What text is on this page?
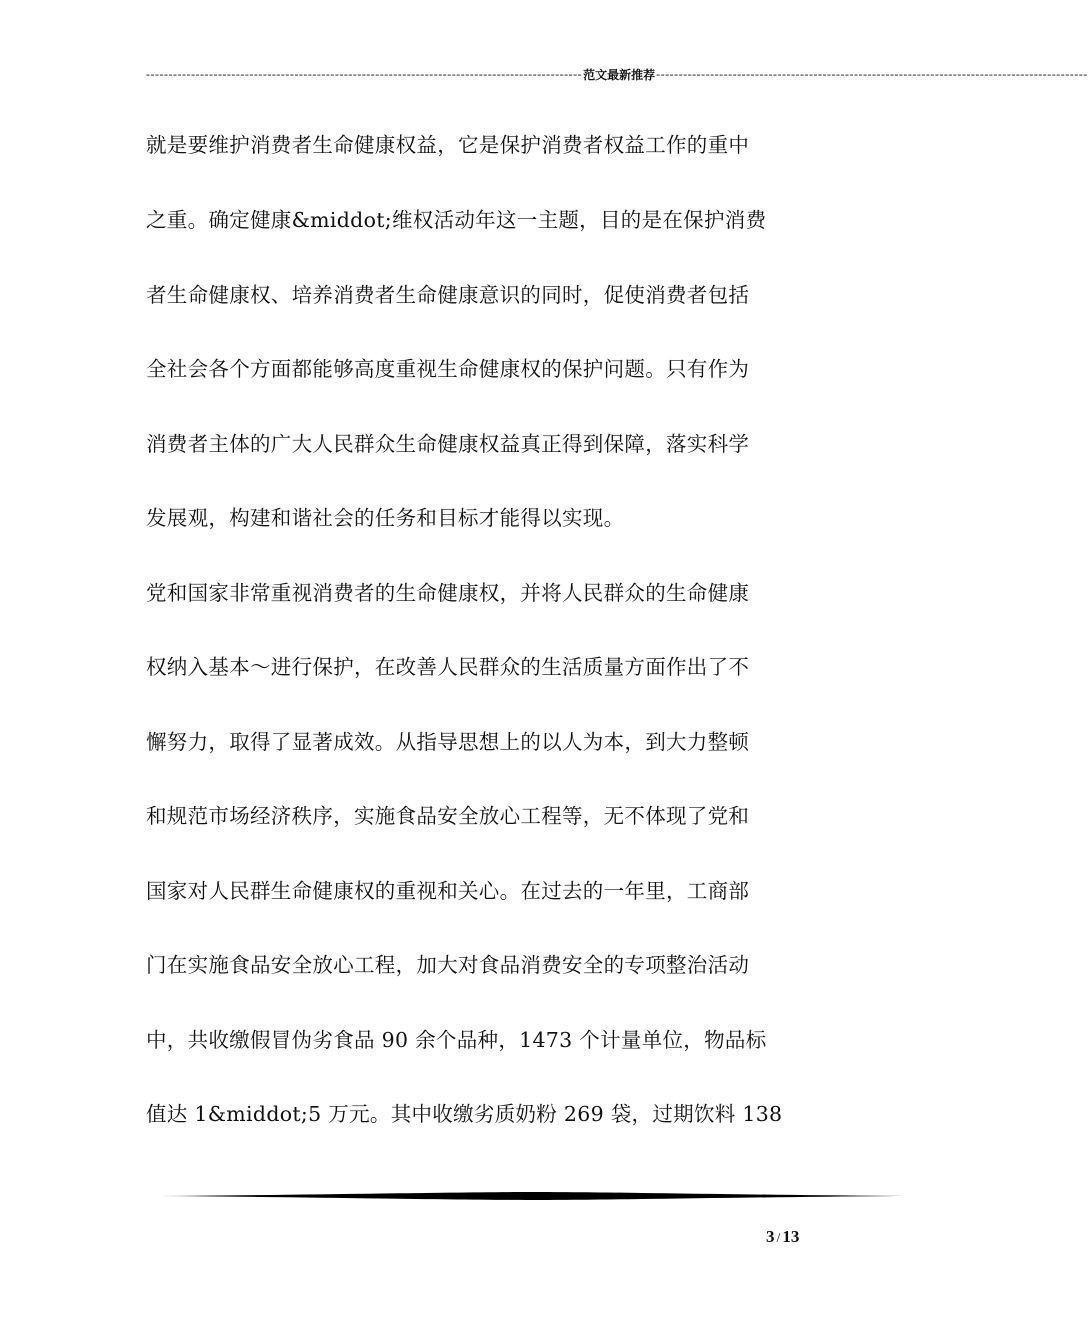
------------------------------------------------------------------------------------------------- 范文最新推荐 ------------------------------------------------------------------------------------------------
就是要维护消费者生命健康权益，它是保护消费者权益工作的重中
之重。确定健康&middot;维权活动年这一主题，目的是在保护消费
者生命健康权、培养消费者生命健康意识的同时，促使消费者包括
全社会各个方面都能够高度重视生命健康权的保护问题。只有作为
消费者主体的广大人民群众生命健康权益真正得到保障，落实科学
发展观，构建和谐社会的任务和目标才能得以实现。
党和国家非常重视消费者的生命健康权，并将人民群众的生命健康
权纳入基本～进行保护，在改善人民群众的生活质量方面作出了不
懈努力，取得了显著成效。从指导思想上的以人为本，到大力整顿
和规范市场经济秩序，实施食品安全放心工程等，无不体现了党和
国家对人民群生命健康权的重视和关心。在过去的一年里，工商部
门在实施食品安全放心工程，加大对食品消费安全的专项整治活动
中，共收缴假冒伪劣食品 90 余个品种，1473 个计量单位，物品标
值达 1&middot;5 万元。其中收缴劣质奶粉 269 袋，过期饮料 138
3 / 13
